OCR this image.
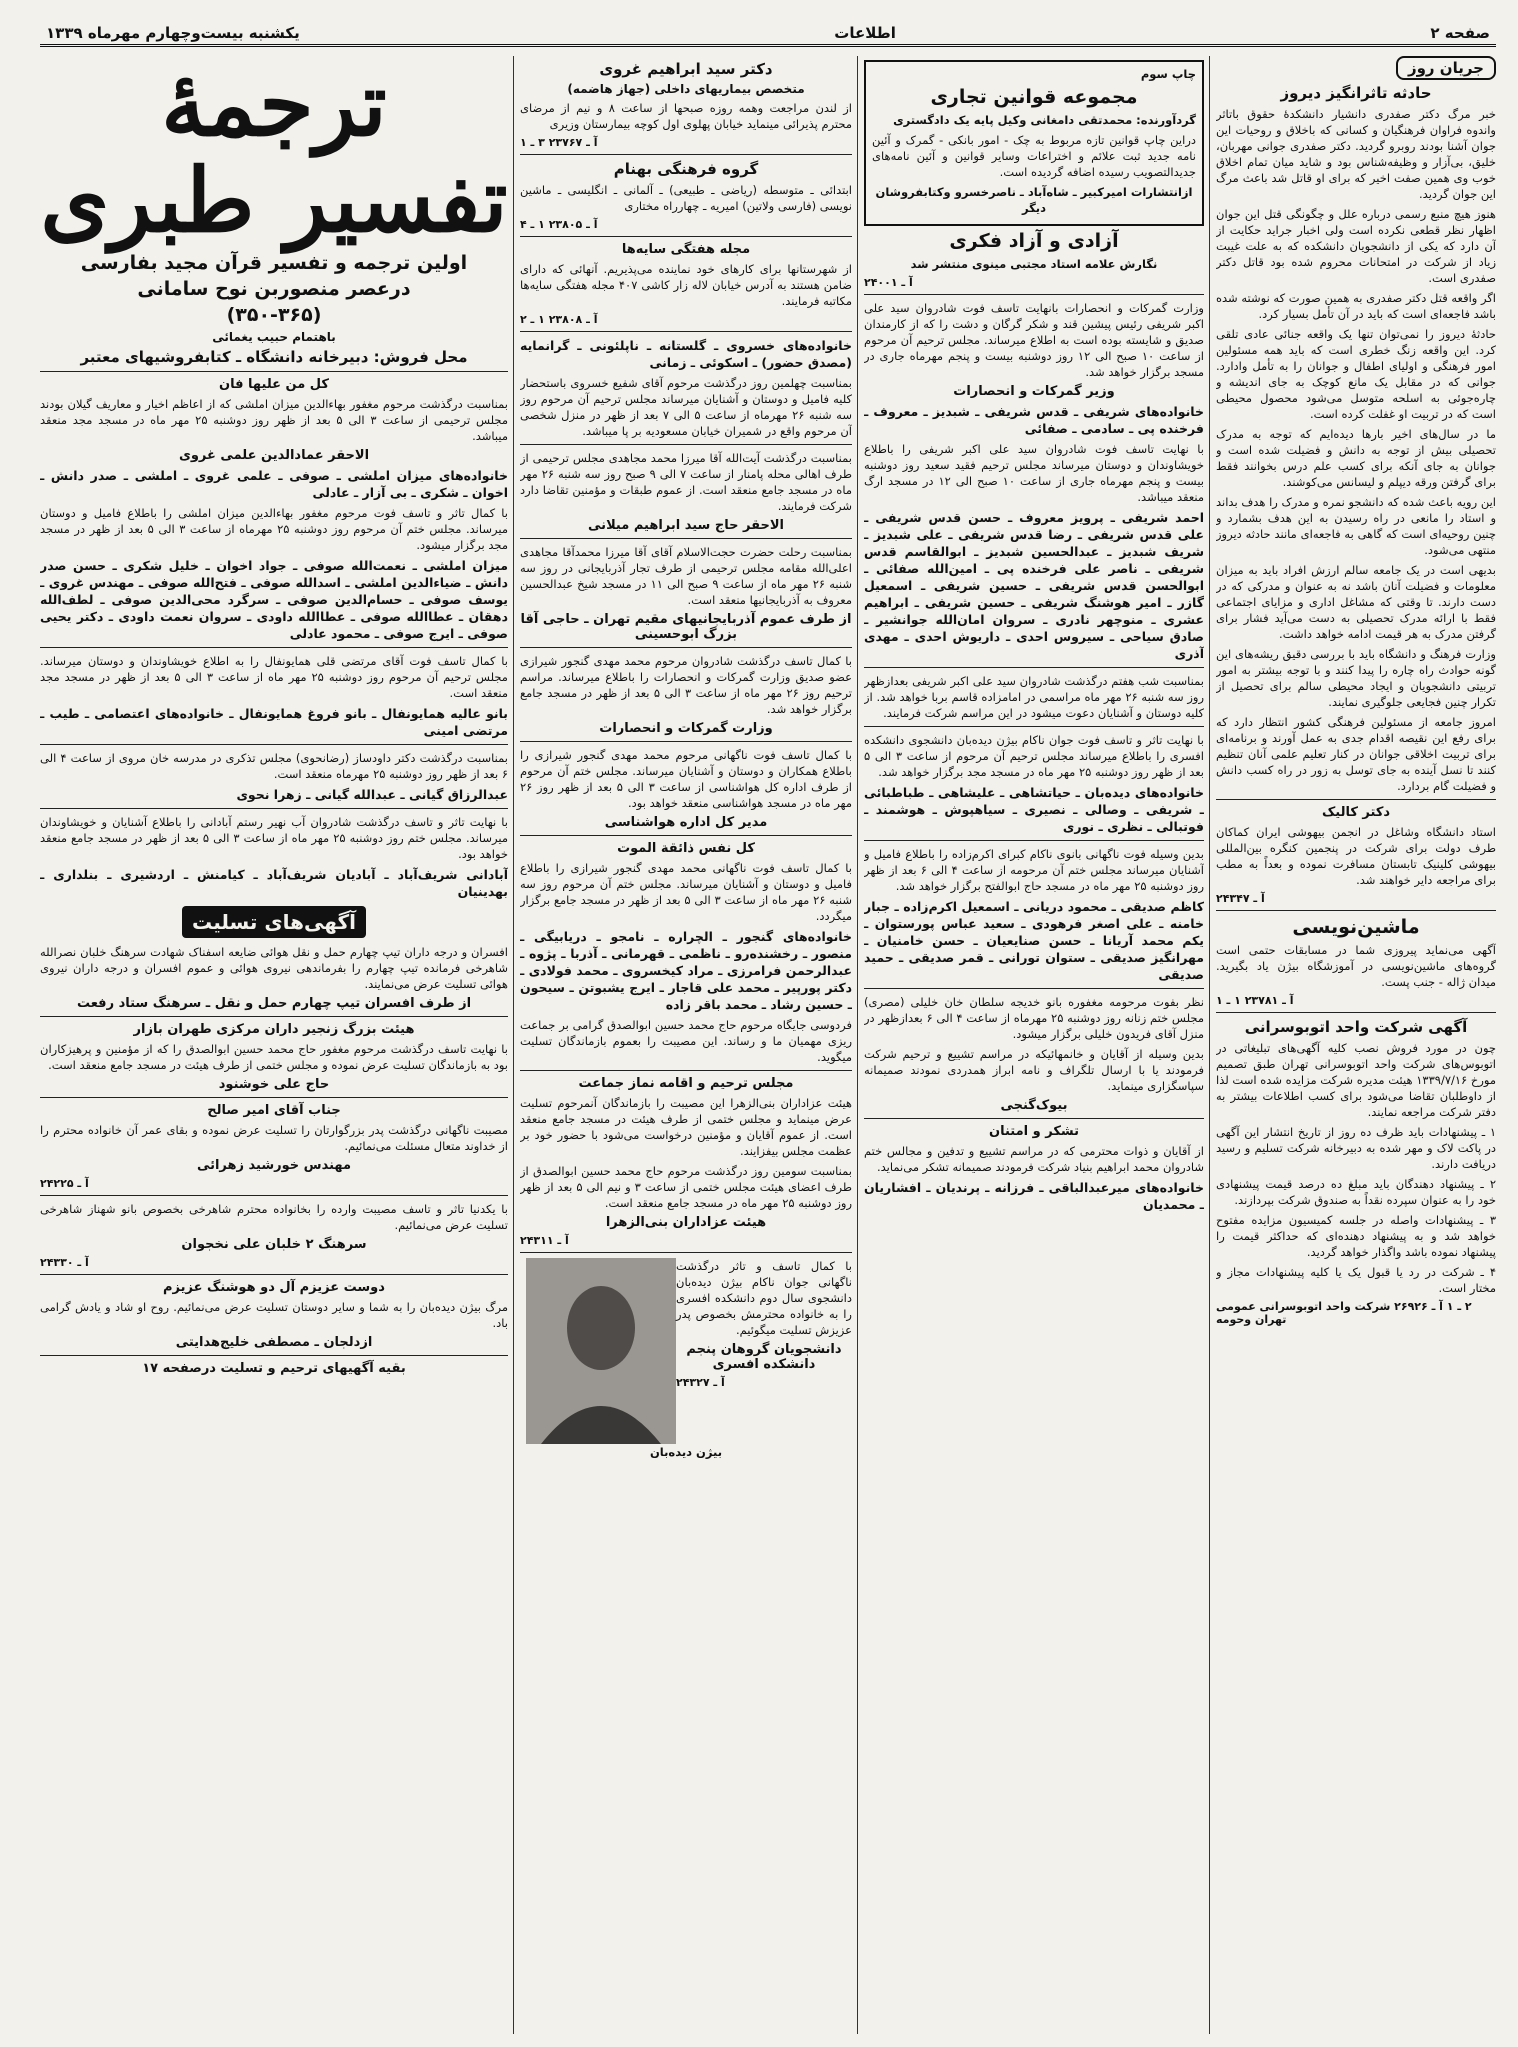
صفحه ۲
اطلاعات
یکشنبه بیست‌وچهارم مهرماه ۱۳۳۹
جریان روز
حادثه تاثرانگیز دیروز

خبر مرگ دکتر صفدری دانشیار دانشکدهٔ حقوق باتاثر واندوه فراوان فرهنگیان و کسانی که باخلاق و روحیات این جوان آشنا بودند روبرو گردید. دکتر صفدری جوانی مهربان، خلیق، بی‌آزار و وظیفه‌شناس بود و شاید میان تمام اخلاق خوب وی همین صفت اخیر که برای او قاتل شد باعث مرگ این جوان گردید.

هنوز هیچ منبع رسمی درباره علل و چگونگی قتل این جوان اظهار نظر قطعی نکرده است ولی اخبار جراید حکایت از آن دارد که یکی از دانشجویان دانشکده که به علت غیبت زیاد از شرکت در امتحانات محروم شده بود قاتل دکتر صفدری است.

اگر واقعه قتل دکتر صفدری به همین صورت که نوشته شده باشد فاجعه‌ای است که باید در آن تأمل بسیار کرد.

حادثهٔ دیروز را نمی‌توان تنها یک واقعه جنائی عادی تلقی کرد. این واقعه زنگ خطری است که باید همه مسئولین امور فرهنگی و اولیای اطفال و جوانان را به تأمل وادارد. جوانی که در مقابل یک مانع کوچک به جای اندیشه و چاره‌جوئی به اسلحه متوسل می‌شود محصول محیطی است که در تربیت او غفلت کرده است.

ما در سال‌های اخیر بارها دیده‌ایم که توجه به مدرک تحصیلی بیش از توجه به دانش و فضیلت شده است و جوانان به جای آنکه برای کسب علم درس بخوانند فقط برای گرفتن ورقه دیپلم و لیسانس می‌کوشند.

این رویه باعث شده که دانشجو نمره و مدرک را هدف بداند و استاد را مانعی در راه رسیدن به این هدف بشمارد و چنین روحیه‌ای است که گاهی به فاجعه‌ای مانند حادثه دیروز منتهی می‌شود.

بدیهی است در یک جامعه سالم ارزش افراد باید به میزان معلومات و فضیلت آنان باشد نه به عنوان و مدرکی که در دست دارند. تا وقتی که مشاغل اداری و مزایای اجتماعی فقط با ارائه مدرک تحصیلی به دست می‌آید فشار برای گرفتن مدرک به هر قیمت ادامه خواهد داشت.

وزارت فرهنگ و دانشگاه باید با بررسی دقیق ریشه‌های این گونه حوادث راه چاره را پیدا کنند و با توجه بیشتر به امور تربیتی دانشجویان و ایجاد محیطی سالم برای تحصیل از تکرار چنین فجایعی جلوگیری نمایند.

امروز جامعه از مسئولین فرهنگی کشور انتظار دارد که برای رفع این نقیصه اقدام جدی به عمل آورند و برنامه‌ای برای تربیت اخلاقی جوانان در کنار تعلیم علمی آنان تنظیم کنند تا نسل آینده به جای توسل به زور در راه کسب دانش و فضیلت گام بردارد.

دکتر کالیک

استاد دانشگاه وشاغل در انجمن بیهوشی ایران کماکان طرف دولت برای شرکت در پنجمین کنگره بین‌المللی بیهوشی کلینیک تابستان مسافرت نموده و بعداً به مطب برای مراجعه دایر خواهند شد.

آ ـ ۲۴۳۴۷
ماشین‌نویسی

آگهی می‌نماید پیروزی شما در مسابقات حتمی است گروه‌های ماشین‌نویسی در آموزشگاه بیژن یاد بگیرید. میدان ژاله - جنب پست.

آ ـ ۲۳۷۸۱ ۱ ـ ۱
آگهی شرکت واحد اتوبوسرانی

چون در مورد فروش نصب کلیه آگهی‌های تبلیغاتی در اتوبوس‌های شرکت واحد اتوبوسرانی تهران طبق تصمیم مورخ ۱۳۳۹/۷/۱۶ هیئت مدیره شرکت مزایده شده است لذا از داوطلبان تقاضا می‌شود برای کسب اطلاعات بیشتر به دفتر شرکت مراجعه نمایند.

۱ ـ پیشنهادات باید ظرف ده روز از تاریخ انتشار این آگهی در پاکت لاک و مهر شده به دبیرخانه شرکت تسلیم و رسید دریافت دارند.

۲ ـ پیشنهاد دهندگان باید مبلغ ده درصد قیمت پیشنهادی خود را به عنوان سپرده نقداً به صندوق شرکت بپردازند.

۳ ـ پیشنهادات واصله در جلسه کمیسیون مزایده مفتوح خواهد شد و به پیشنهاد دهنده‌ای که حداکثر قیمت را پیشنهاد نموده باشد واگذار خواهد گردید.

۴ ـ شرکت در رد یا قبول یک یا کلیه پیشنهادات مجاز و مختار است.

۲ ـ ۱ آ ـ ۲۶۹۲۶ شرکت واحد اتوبوسرانی عمومی تهران وحومه
چاپ سوم
مجموعه قوانین تجاری

گردآورنده: محمدتقی دامغانی وکیل پایه یک دادگستری

دراین چاپ قوانین تازه مربوط به چک - امور بانکی - گمرک و آئین نامه جدید ثبت علائم و اختراعات وسایر قوانین و آئین نامه‌های جدیدالتصویب رسیده اضافه گردیده است.

ازانتشارات امیرکبیر ـ شاه‌آباد ـ ناصرخسرو وکتابفروشان دیگر

آزادی و آزاد فکری

نگارش علامه استاد مجتبی مینوی منتشر شد

آ ـ ۲۴۰۰۱

وزارت گمرکات و انحصارات بانهایت تاسف فوت شادروان سید علی اکبر شریفی رئیس پیشین قند و شکر گرگان و دشت را که از کارمندان صدیق و شایسته بوده است به اطلاع میرساند. مجلس ترحیم آن مرحوم از ساعت ۱۰ صبح الی ۱۲ روز دوشنبه بیست و پنجم مهرماه جاری در مسجد برگزار خواهد شد.

وزیر گمرکات و انحصارات

خانواده‌های شریفی ـ قدس شریفی ـ شبدیز ـ معروف ـ فرخنده پی ـ سادمی ـ صفائی

با نهایت تاسف فوت شادروان سید علی اکبر شریفی را باطلاع خویشاوندان و دوستان میرساند مجلس ترحیم فقید سعید روز دوشنبه بیست و پنجم مهرماه جاری از ساعت ۱۰ صبح الی ۱۲ در مسجد ارگ منعقد میباشد.

احمد شریفی ـ پرویز معروف ـ حسن قدس شریفی ـ علی قدس شریفی ـ رضا قدس شریفی ـ علی شبدیز ـ شریف شبدیز ـ عبدالحسین شبدیز ـ ابوالقاسم قدس شریفی ـ ناصر علی فرخنده پی ـ امین‌الله صفائی ـ ابوالحسن قدس شریفی ـ حسین شریفی ـ اسمعیل گازر ـ امیر هوشنگ شریفی ـ حسین شریفی ـ ابراهیم عشری ـ منوچهر نادری ـ سروان امان‌الله جوانشیر ـ صادق سیاحی ـ سیروس احدی ـ داریوش احدی ـ مهدی آذری

بمناسبت شب هفتم درگذشت شادروان سید علی اکبر شریفی بعدازظهر روز سه شنبه ۲۶ مهر ماه مراسمی در امامزاده قاسم بربا خواهد شد. از کلیه دوستان و آشنایان دعوت میشود در این مراسم شرکت فرمایند.

با نهایت تاثر و تاسف فوت جوان ناکام بیژن دیده‌بان دانشجوی دانشکده افسری را باطلاع میرساند مجلس ترحیم آن مرحوم از ساعت ۳ الی ۵ بعد از ظهر روز دوشنبه ۲۵ مهر ماه در مسجد مجد برگزار خواهد شد.

خانواده‌های دیده‌بان ـ حیاتشاهی ـ علیشاهی ـ طباطبائی ـ شریفی ـ وصالی ـ نصیری ـ سیاهپوش ـ هوشمند ـ فوتبالی ـ نظری ـ نوری

بدین وسیله فوت ناگهانی بانوی ناکام کبرای اکرم‌زاده را باطلاع فامیل و آشنایان میرساند مجلس ختم آن مرحومه از ساعت ۴ الی ۶ بعد از ظهر روز دوشنبه ۲۵ مهر ماه در مسجد حاج ابوالفتح برگزار خواهد شد.

کاظم صدیقی ـ محمود دریانی ـ اسمعیل اکرم‌زاده ـ جبار خامنه ـ علی اصغر فرهودی ـ سعید عباس پورستوان ـ یکم محمد آریانا ـ حسن صنایعیان ـ حسن خامنیان ـ مهرانگیز صدیقی ـ ستوان تورانی ـ قمر صدیقی ـ حمید صدیقی

نظر بفوت مرحومه مغفوره بانو خدیجه سلطان خان خلیلی (مصری) مجلس ختم زنانه روز دوشنبه ۲۵ مهرماه از ساعت ۴ الی ۶ بعدازظهر در منزل آقای فریدون خلیلی برگزار میشود.

بدین وسیله از آقایان و خانمهائیکه در مراسم تشییع و ترحیم شرکت فرمودند یا با ارسال تلگراف و نامه ابراز همدردی نمودند صمیمانه سپاسگزاری مینماید.

بیوک‌گنجی
تشکر و امتنان

از آقایان و ذوات محترمی که در مراسم تشییع و تدفین و مجالس ختم شادروان محمد ابراهیم بنیاد شرکت فرمودند صمیمانه تشکر می‌نماید.

خانواده‌های میرعبدالباقی ـ فرزانه ـ پرندیان ـ افشاریان ـ محمدیان

دکتر سید ابراهیم غروی
متخصص بیماریهای داخلی (جهاز هاضمه)

از لندن مراجعت وهمه روزه صبحها از ساعت ۸ و نیم از مرضای محترم پذیرائی مینماید خیابان پهلوی اول کوچه بیمارستان وزیری

آ ـ ۲۳۷۶۷ ۳ ـ ۱
گروه فرهنگی بهنام

ابتدائی ـ متوسطه (ریاضی ـ طبیعی) ـ آلمانی ـ انگلیسی ـ ماشین نویسی (فارسی ولاتین) امیریه ـ چهارراه مختاری

آ ـ ۲۳۸۰۵ ۱ ـ ۴
مجله هفتگی سایه‌ها

از شهرستانها برای کارهای خود نماینده می‌پذیریم. آنهائی که دارای ضامن هستند به آدرس خیابان لاله زار کاشی ۴۰۷ مجله هفتگی سایه‌ها مکاتبه فرمایند.

آ ـ ۲۳۸۰۸ ۱ ـ ۲

خانواده‌های خسروی ـ گلستانه ـ ناپلئونی ـ گرانمایه (مصدق حضور) ـ اسکوئی ـ زمانی

بمناسبت چهلمین روز درگذشت مرحوم آقای شفیع خسروی باستحضار کلیه فامیل و دوستان و آشنایان میرساند مجلس ترحیم آن مرحوم روز سه شنبه ۲۶ مهرماه از ساعت ۵ الی ۷ بعد از ظهر در منزل شخصی آن مرحوم واقع در شمیران خیابان مسعودیه بر پا میباشد.

بمناسبت درگذشت آیت‌الله آقا میرزا محمد مجاهدی مجلس ترحیمی از طرف اهالی محله پامنار از ساعت ۷ الی ۹ صبح روز سه شنبه ۲۶ مهر ماه در مسجد جامع منعقد است. از عموم طبقات و مؤمنین تقاضا دارد شرکت فرمایند.

الاحقر حاج سید ابراهیم میلانی

بمناسبت رحلت حضرت حجت‌الاسلام آقای آقا میرزا محمدآقا مجاهدی اعلی‌الله مقامه مجلس ترحیمی از طرف تجار آذربایجانی در روز سه شنبه ۲۶ مهر ماه از ساعت ۹ صبح الی ۱۱ در مسجد شیخ عبدالحسین معروف به آذربایجانیها منعقد است.

از طرف عموم آذربایجانیهای مقیم تهران ـ حاجی آقا بزرگ ابوحسینی

با کمال تاسف درگذشت شادروان مرحوم محمد مهدی گنجور شیرازی عضو صدیق وزارت گمرکات و انحصارات را باطلاع میرساند. مراسم ترحیم روز ۲۶ مهر ماه از ساعت ۳ الی ۵ بعد از ظهر در مسجد جامع برگزار خواهد شد.

وزارت گمرکات و انحصارات

با کمال تاسف فوت ناگهانی مرحوم محمد مهدی گنجور شیرازی را باطلاع همکاران و دوستان و آشنایان میرساند. مجلس ختم آن مرحوم از طرف اداره کل هواشناسی از ساعت ۳ الی ۵ بعد از ظهر روز ۲۶ مهر ماه در مسجد هواشناسی منعقد خواهد بود.

مدیر کل اداره هواشناسی
کل نفس ذائقة الموت

با کمال تاسف فوت ناگهانی محمد مهدی گنجور شیرازی را باطلاع فامیل و دوستان و آشنایان میرساند. مجلس ختم آن مرحوم روز سه شنبه ۲۶ مهر ماه از ساعت ۳ الی ۵ بعد از ظهر در مسجد جامع برگزار میگردد.

خانواده‌های گنجور ـ الچراره ـ نامجو ـ دریابیگی ـ منصور ـ رخشنده‌رو ـ ناظمی ـ قهرمانی ـ آذربا ـ پژوه ـ عبدالرحمن فرامرزی ـ مراد کیخسروی ـ محمد فولادی ـ دکتر پورپیر ـ محمد علی قاجار ـ ایرج یشبوتن ـ سیحون ـ حسین رشاد ـ محمد باقر زاده

فردوسی جایگاه مرحوم حاج محمد حسین ابوالصدق گرامی بر جماعت ریزی مهمیان ما و رساند. این مصیبت را بعموم بازماندگان تسلیت میگوید.

مجلس ترحیم و اقامه نماز جماعت

هیئت عزاداران بنی‌الزهرا این مصیبت را بازماندگان آنمرحوم تسلیت عرض مینماید و مجلس ختمی از طرف هیئت در مسجد جامع منعقد است. از عموم آقایان و مؤمنین درخواست می‌شود با حضور خود بر عظمت مجلس بیفزایند.

بمناسبت سومین روز درگذشت مرحوم حاج محمد حسین ابوالصدق از طرف اعضای هیئت مجلس ختمی از ساعت ۳ و نیم الی ۵ بعد از ظهر روز دوشنبه ۲۵ مهر ماه در مسجد جامع منعقد است.

هیئت عزاداران بنی‌الزهرا
آ ـ ۲۴۳۱۱

با کمال تاسف و تاثر درگذشت ناگهانی جوان ناکام بیژن دیده‌بان دانشجوی سال دوم دانشکده افسری را به خانواده محترمش بخصوص پدر عزیزش تسلیت میگوئیم.

دانشجویان گروهان پنجم دانشکده افسری
آ ـ ۲۴۳۲۷
بیژن دیده‌بان
ترجمهٔ تفسیر طبری
اولین ترجمه و تفسیر قرآن مجید بفارسی
درعصر منصوربن نوح سامانی
(۳۵۰-۳۶۵)
باهتمام حبیب یغمائی
محل فروش: دبیرخانه دانشگاه ـ کتابفروشیهای معتبر
کل من علیها فان

بمناسبت درگذشت مرحوم مغفور بهاءالدین میزان املشی که از اعاظم اخیار و معاریف گیلان بودند مجلس ترحیمی از ساعت ۳ الی ۵ بعد از ظهر روز دوشنبه ۲۵ مهر ماه در مسجد مجد منعقد میباشد.

الاحقر عمادالدین علمی غروی

خانواده‌های میزان املشی ـ صوفی ـ علمی غروی ـ املشی ـ صدر دانش ـ اخوان ـ شکری ـ بی آزار ـ عادلی

با کمال تاثر و تاسف فوت مرحوم مغفور بهاءالدین میزان املشی را باطلاع فامیل و دوستان میرساند. مجلس ختم آن مرحوم روز دوشنبه ۲۵ مهرماه از ساعت ۳ الی ۵ بعد از ظهر در مسجد مجد برگزار میشود.

میزان املشی ـ نعمت‌الله صوفی ـ جواد اخوان ـ خلیل شکری ـ حسن صدر دانش ـ ضیاءالدین املشی ـ اسدالله صوفی ـ فتح‌الله صوفی ـ مهندس غروی ـ یوسف صوفی ـ حسام‌الدین صوفی ـ سرگرد محی‌الدین صوفی ـ لطف‌الله دهقان ـ عطاالله صوفی ـ عطاالله داودی ـ سروان نعمت داودی ـ دکتر یحیی صوفی ـ ایرج صوفی ـ محمود عادلی

با کمال تاسف فوت آقای مرتضی قلی همایونفال را به اطلاع خویشاوندان و دوستان میرساند. مجلس ترحیم آن مرحوم روز دوشنبه ۲۵ مهر ماه از ساعت ۳ الی ۵ بعد از ظهر در مسجد مجد منعقد است.

بانو عالیه همایونفال ـ بانو فروغ همایونفال ـ خانواده‌های اعتصامی ـ طیب ـ مرتضی امینی

بمناسبت درگذشت دکتر داودساز (رضانحوی) مجلس تذکری در مدرسه خان مروی از ساعت ۴ الی ۶ بعد از ظهر روز دوشنبه ۲۵ مهرماه منعقد است.

عبدالرزاق گیانی ـ عبدالله گیانی ـ زهرا نحوی

با نهایت تاثر و تاسف درگذشت شادروان آب نهیر رستم آبادانی را باطلاع آشنایان و خویشاوندان میرساند. مجلس ختم روز دوشنبه ۲۵ مهر ماه از ساعت ۳ الی ۵ بعد از ظهر در مسجد جامع منعقد خواهد بود.

آبادانی شریف‌آباد ـ آبادیان شریف‌آباد ـ کیامنش ـ اردشیری ـ بنلداری ـ بهدینیان

آگهی‌های تسلیت

افسران و درجه داران تیپ چهارم حمل و نقل هوائی ضایعه اسفناک شهادت سرهنگ خلبان نصرالله شاهرخی فرمانده تیپ چهارم را بفرماندهی نیروی هوائی و عموم افسران و درجه داران نیروی هوائی تسلیت عرض می‌نمایند.

از طرف افسران تیپ چهارم حمل و نقل ـ سرهنگ ستاد رفعت
هیئت بزرگ زنجیر داران مرکزی طهران بازار

با نهایت تاسف درگذشت مرحوم مغفور حاج محمد حسین ابوالصدق را که از مؤمنین و پرهیزکاران بود به بازماندگان تسلیت عرض نموده و مجلس ختمی از طرف هیئت در مسجد جامع منعقد است.

حاج علی خوشنود
جناب آقای امیر صالح

مصیبت ناگهانی درگذشت پدر بزرگوارتان را تسلیت عرض نموده و بقای عمر آن خانواده محترم را از خداوند متعال مسئلت می‌نمائیم.

مهندس خورشید زهرائی
آ ـ ۲۴۲۲۵

با یکدنیا تاثر و تاسف مصیبت وارده را بخانواده محترم شاهرخی بخصوص بانو شهناز شاهرخی تسلیت عرض می‌نمائیم.

سرهنگ ۲ خلبان علی نخجوان
آ ـ ۲۴۳۳۰
دوست عزیزم آل دو هوشنگ عزیزم

مرگ بیژن دیده‌بان را به شما و سایر دوستان تسلیت عرض می‌نمائیم. روح او شاد و یادش گرامی باد.

ازدلجان ـ مصطفی خلیج‌هدایتی
بقیه آگهیهای ترحیم و تسلیت درصفحه ۱۷
